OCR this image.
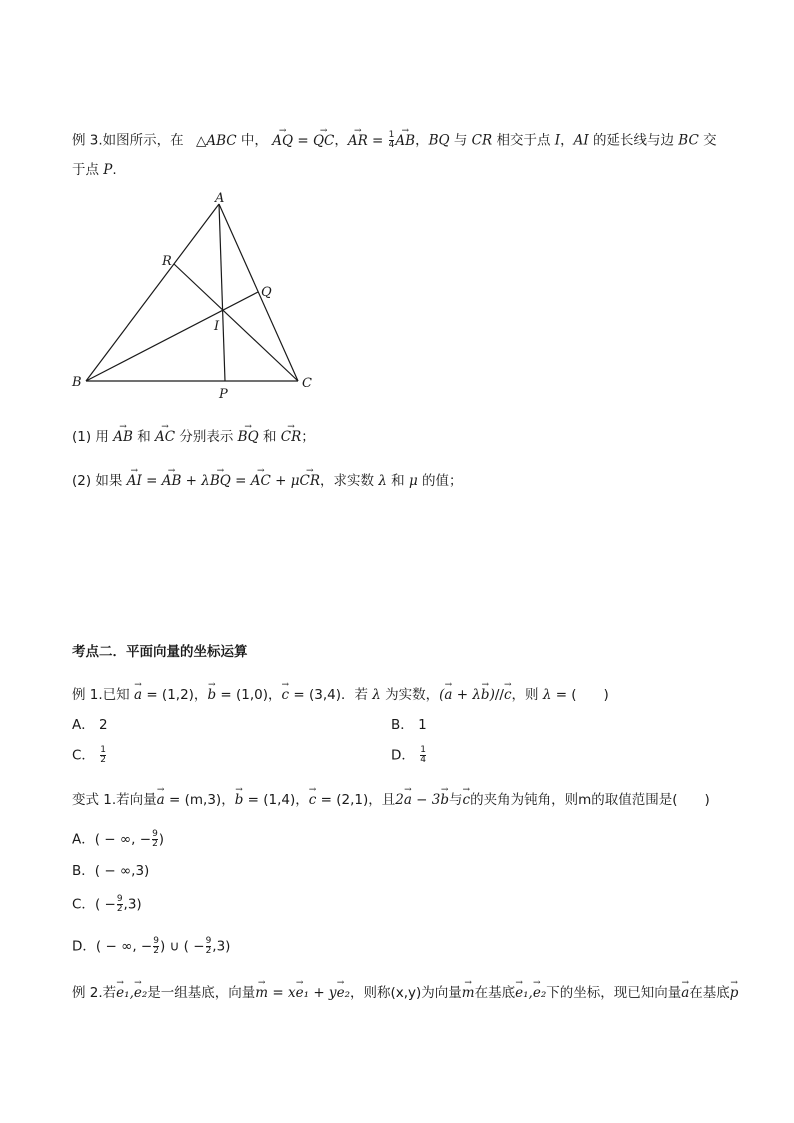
例 3.如图所示，在 △ABC 中， → AQ = → QC，→ AR = $\frac{1}{4}$ → AB，BQ 与 CR 相交于点 I，AI 的延长线与边 BC 交
于点 P.
A
B	C
R
Q
I
P
(1) 用 → AB 和 → AC 分别表示 → BQ 和 → CR；
(2) 如果 → AI = → AB + λ→ BQ = → AC + μ→ CR，求实数 λ 和 μ 的值；
考点二．平面向量的坐标运算
例 1.已知 → a = (1,2)，→ b = (1,0)，→ c = (3,4)．若 λ 为实数，(→ a + λ→ b)//→ c，则 λ = (　　)
A． 2	B． 1
C． $\frac{1}{2}$	D． $\frac{1}{4}$
变式 1.若向量→ a = (m,3)，→ b = (1,4)，→ c = (2,1)，且2→ a − 3→ b与→ c的夹角为钝角，则m的取值范围是(　　)
A．( − ∞, − $\frac{9}{2}$ )
B．( − ∞,3)
C．( − $\frac{9}{2} ,3$)
D．( − ∞, − $\frac{9}{2}$ ) ∪ ( − $\frac{9}{2} ,3$)
例 2.若→ e₁,→ e₂是一组基底，向量→ m = x→ e₁ + y→ e₂，则称(x,y)为向量→ m在基底→ e₁,→ e₂下的坐标，现已知向量→ a在基底→ p
